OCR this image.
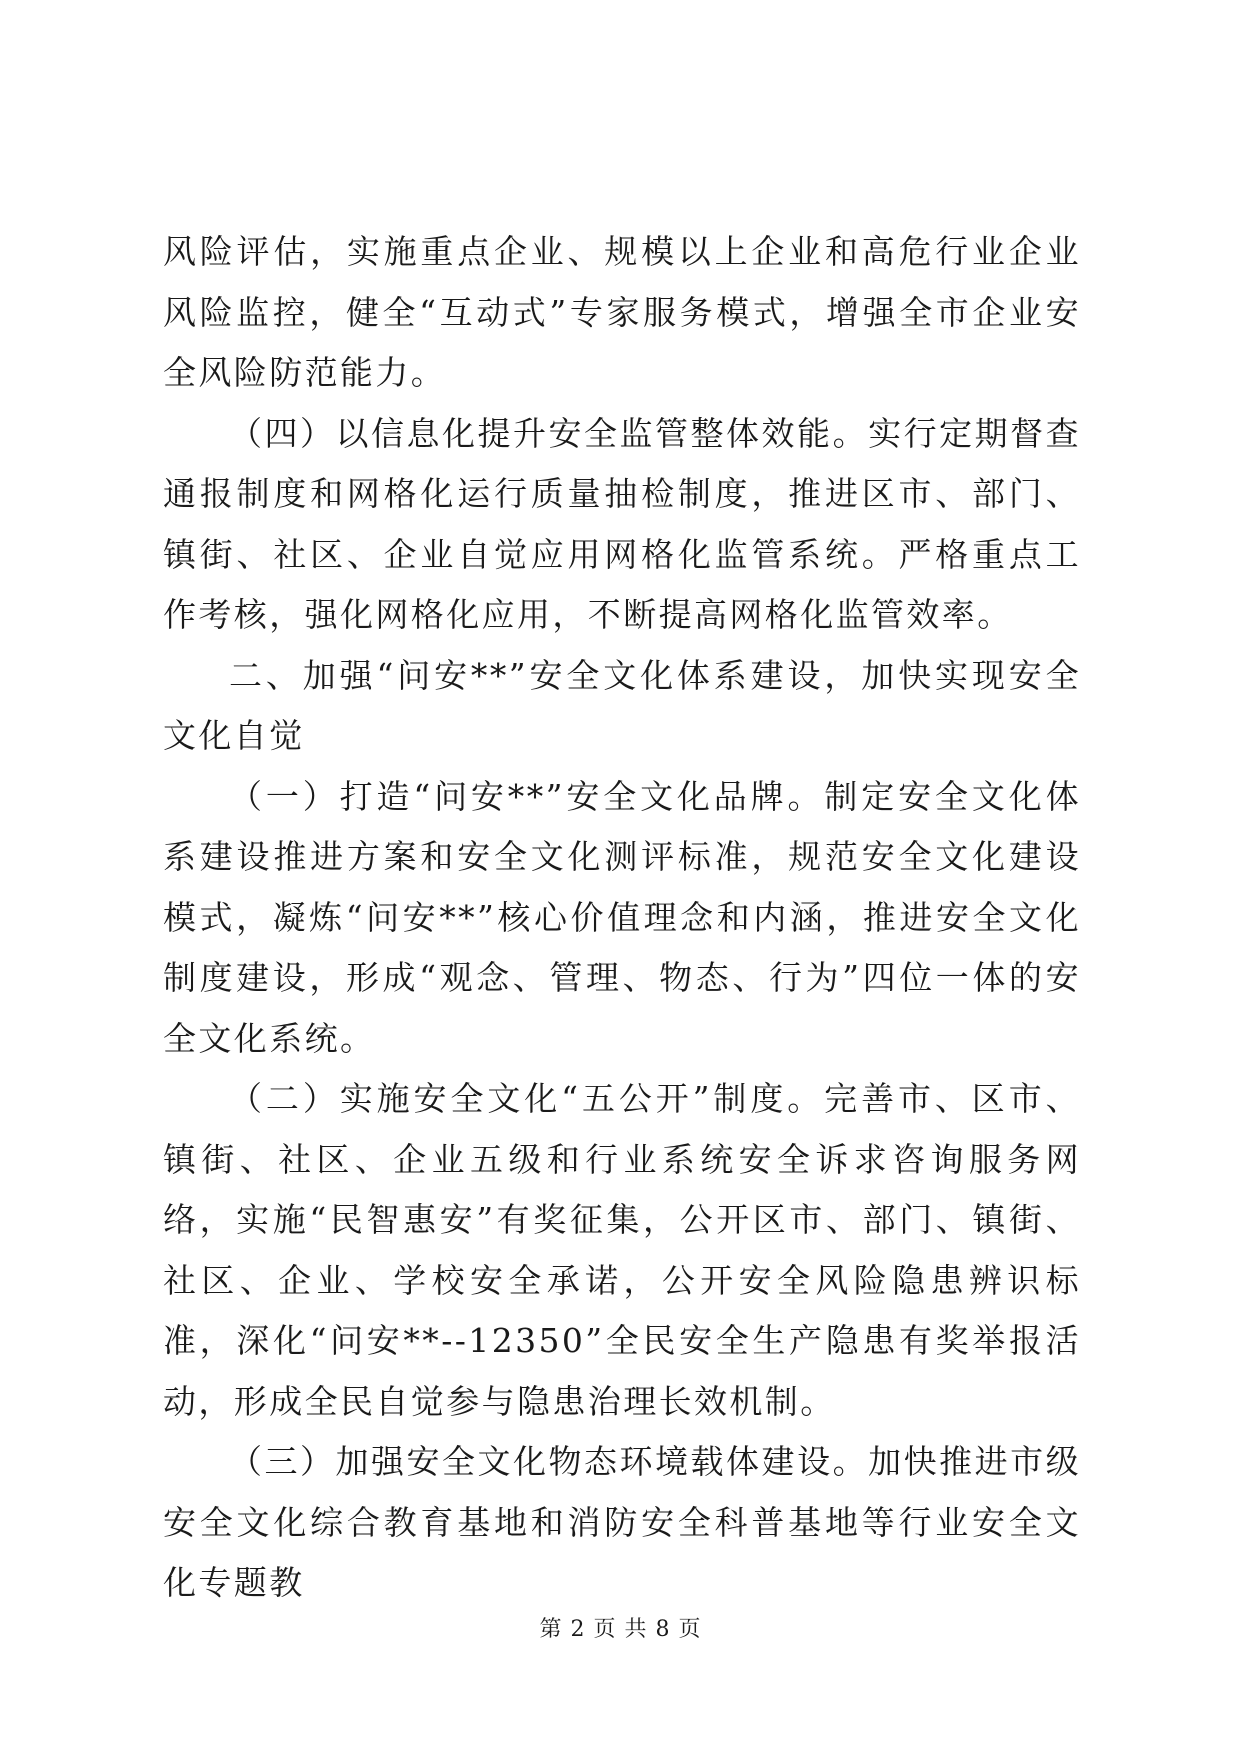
风险评估，实施重点企业、规模以上企业和高危行业企业风险监控，健全“互动式”专家服务模式，增强全市企业安全风险防范能力。

（四）以信息化提升安全监管整体效能。实行定期督查通报制度和网格化运行质量抽检制度，推进区市、部门、镇街、社区、企业自觉应用网格化监管系统。严格重点工作考核，强化网格化应用，不断提高网格化监管效率。

二、加强“问安**”安全文化体系建设，加快实现安全文化自觉

（一）打造“问安**”安全文化品牌。制定安全文化体系建设推进方案和安全文化测评标准，规范安全文化建设模式，凝炼“问安**”核心价值理念和内涵，推进安全文化制度建设，形成“观念、管理、物态、行为”四位一体的安全文化系统。

（二）实施安全文化“五公开”制度。完善市、区市、镇街、社区、企业五级和行业系统安全诉求咨询服务网络，实施“民智惠安”有奖征集，公开区市、部门、镇街、社区、企业、学校安全承诺，公开安全风险隐患辨识标准，深化“问安**--12350”全民安全生产隐患有奖举报活动，形成全民自觉参与隐患治理长效机制。

（三）加强安全文化物态环境载体建设。加快推进市级安全文化综合教育基地和消防安全科普基地等行业安全文化专题教

第 2 页 共 8 页
